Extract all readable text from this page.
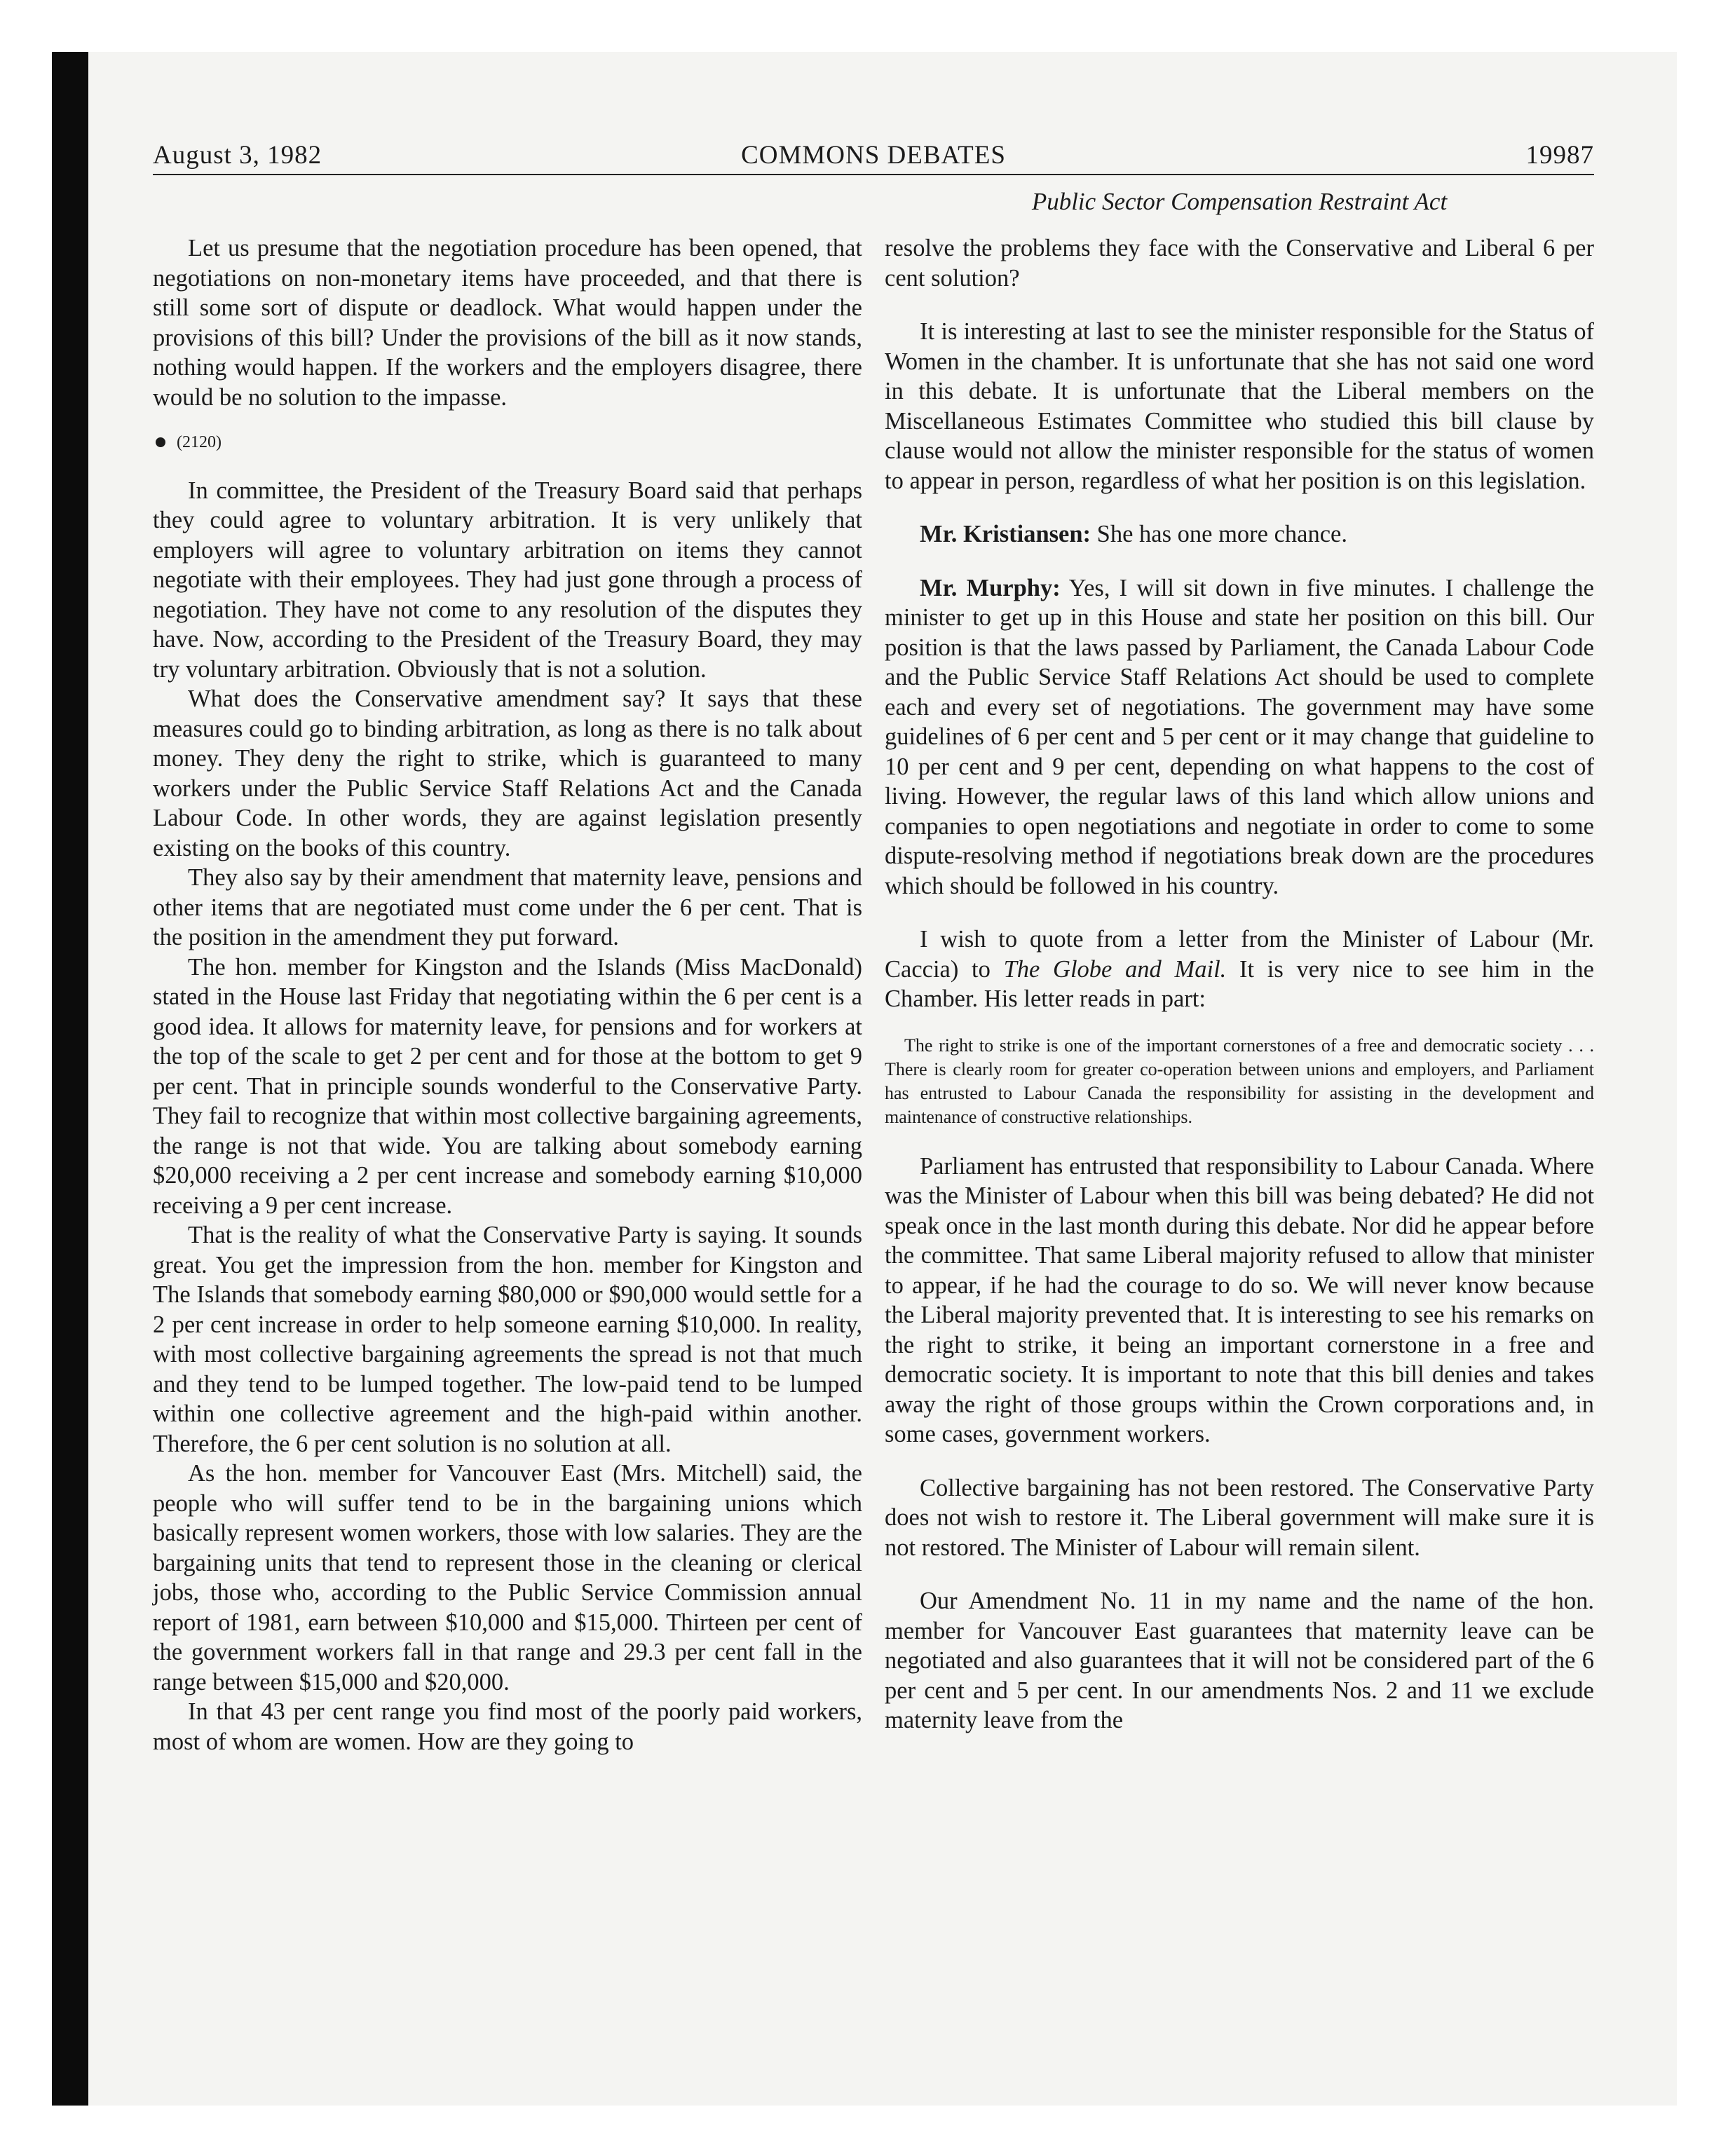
August 3, 1982	COMMONS DEBATES	19987
Public Sector Compensation Restraint Act

Let us presume that the negotiation procedure has been opened, that negotiations on non-monetary items have proceeded, and that there is still some sort of dispute or deadlock. What would happen under the provisions of this bill? Under the provisions of the bill as it now stands, nothing would happen. If the workers and the employers disagree, there would be no solution to the impasse.

(2120)

In committee, the President of the Treasury Board said that perhaps they could agree to voluntary arbitration. It is very unlikely that employers will agree to voluntary arbitration on items they cannot negotiate with their employees. They had just gone through a process of negotiation. They have not come to any resolution of the disputes they have. Now, according to the President of the Treasury Board, they may try voluntary arbitration. Obviously that is not a solution.

What does the Conservative amendment say? It says that these measures could go to binding arbitration, as long as there is no talk about money. They deny the right to strike, which is guaranteed to many workers under the Public Service Staff Relations Act and the Canada Labour Code. In other words, they are against legislation presently existing on the books of this country.

They also say by their amendment that maternity leave, pensions and other items that are negotiated must come under the 6 per cent. That is the position in the amendment they put forward.

The hon. member for Kingston and the Islands (Miss MacDonald) stated in the House last Friday that negotiating within the 6 per cent is a good idea. It allows for maternity leave, for pensions and for workers at the top of the scale to get 2 per cent and for those at the bottom to get 9 per cent. That in principle sounds wonderful to the Conservative Party. They fail to recognize that within most collective bargaining agreements, the range is not that wide. You are talking about somebody earning $20,000 receiving a 2 per cent increase and somebody earning $10,000 receiving a 9 per cent increase.

That is the reality of what the Conservative Party is saying. It sounds great. You get the impression from the hon. member for Kingston and The Islands that somebody earning $80,000 or $90,000 would settle for a 2 per cent increase in order to help someone earning $10,000. In reality, with most collective bargaining agreements the spread is not that much and they tend to be lumped together. The low-paid tend to be lumped within one collective agreement and the high-paid within another. Therefore, the 6 per cent solution is no solution at all.

As the hon. member for Vancouver East (Mrs. Mitchell) said, the people who will suffer tend to be in the bargaining unions which basically represent women workers, those with low salaries. They are the bargaining units that tend to represent those in the cleaning or clerical jobs, those who, according to the Public Service Commission annual report of 1981, earn between $10,000 and $15,000. Thirteen per cent of the government workers fall in that range and 29.3 per cent fall in the range between $15,000 and $20,000.

In that 43 per cent range you find most of the poorly paid workers, most of whom are women. How are they going to

resolve the problems they face with the Conservative and Liberal 6 per cent solution?

It is interesting at last to see the minister responsible for the Status of Women in the chamber. It is unfortunate that she has not said one word in this debate. It is unfortunate that the Liberal members on the Miscellaneous Estimates Committee who studied this bill clause by clause would not allow the minister responsible for the status of women to appear in person, regardless of what her position is on this legislation.

Mr. Kristiansen: She has one more chance.

Mr. Murphy: Yes, I will sit down in five minutes. I challenge the minister to get up in this House and state her position on this bill. Our position is that the laws passed by Parliament, the Canada Labour Code and the Public Service Staff Relations Act should be used to complete each and every set of negotiations. The government may have some guidelines of 6 per cent and 5 per cent or it may change that guideline to 10 per cent and 9 per cent, depending on what happens to the cost of living. However, the regular laws of this land which allow unions and companies to open negotiations and negotiate in order to come to some dispute-resolving method if negotiations break down are the procedures which should be followed in his country.

I wish to quote from a letter from the Minister of Labour (Mr. Caccia) to The Globe and Mail. It is very nice to see him in the Chamber. His letter reads in part:

The right to strike is one of the important cornerstones of a free and democratic society . . . There is clearly room for greater co-operation between unions and employers, and Parliament has entrusted to Labour Canada the responsibility for assisting in the development and maintenance of constructive relationships.

Parliament has entrusted that responsibility to Labour Canada. Where was the Minister of Labour when this bill was being debated? He did not speak once in the last month during this debate. Nor did he appear before the committee. That same Liberal majority refused to allow that minister to appear, if he had the courage to do so. We will never know because the Liberal majority prevented that. It is interesting to see his remarks on the right to strike, it being an important cornerstone in a free and democratic society. It is important to note that this bill denies and takes away the right of those groups within the Crown corporations and, in some cases, government workers.

Collective bargaining has not been restored. The Conservative Party does not wish to restore it. The Liberal government will make sure it is not restored. The Minister of Labour will remain silent.

Our Amendment No. 11 in my name and the name of the hon. member for Vancouver East guarantees that maternity leave can be negotiated and also guarantees that it will not be considered part of the 6 per cent and 5 per cent. In our amendments Nos. 2 and 11 we exclude maternity leave from the
